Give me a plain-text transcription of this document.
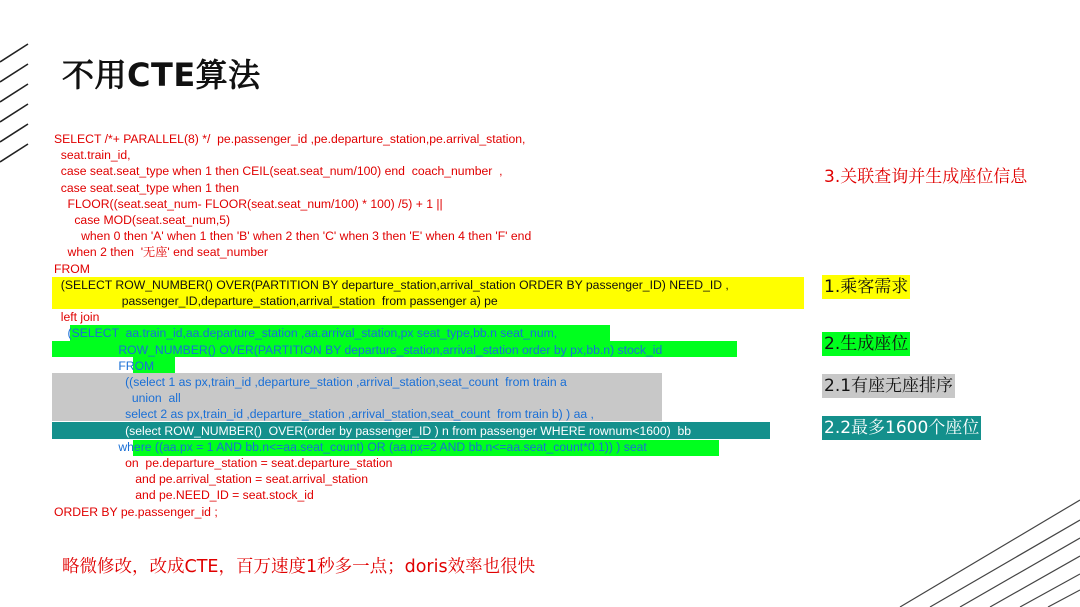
不用CTE算法
SELECT /*+ PARALLEL(8) */  pe.passenger_id ,pe.departure_station,pe.arrival_station,
seat.train_id,
case seat.seat_type when 1 then CEIL(seat.seat_num/100) end  coach_number  ,
case seat.seat_type when 1 then
FLOOR((seat.seat_num- FLOOR(seat.seat_num/100) * 100) /5) + 1 ||
case MOD(seat.seat_num,5)
when 0 then 'A' when 1 then 'B' when 2 then 'C' when 3 then 'E' when 4 then 'F' end
when 2 then  '无座' end seat_number
FROM
(SELECT ROW_NUMBER() OVER(PARTITION BY departure_station,arrival_station ORDER BY passenger_ID) NEED_ID ,
passenger_ID,departure_station,arrival_station  from passenger a) pe
left join
(SELECT  aa.train_id,aa.departure_station ,aa.arrival_station,px seat_type,bb.n seat_num,
ROW_NUMBER() OVER(PARTITION BY departure_station,arrival_station order by px,bb.n) stock_id
FROM
((select 1 as px,train_id ,departure_station ,arrival_station,seat_count  from train a
union  all
select 2 as px,train_id ,departure_station ,arrival_station,seat_count  from train b) ) aa ,
(select ROW_NUMBER()  OVER(order by passenger_ID ) n from passenger WHERE rownum<1600)  bb
where ((aa.px = 1 AND bb.n<=aa.seat_count) OR (aa.px=2 AND bb.n<=aa.seat_count*0.1)) ) seat
on  pe.departure_station = seat.departure_station
and pe.arrival_station = seat.arrival_station
and pe.NEED_ID = seat.stock_id
ORDER BY pe.passenger_id ;
3.关联查询并生成座位信息
1.乘客需求
2.生成座位
2.1有座无座排序
2.2最多1600个座位
略微修改，改成CTE，百万速度1秒多一点；doris效率也很快
